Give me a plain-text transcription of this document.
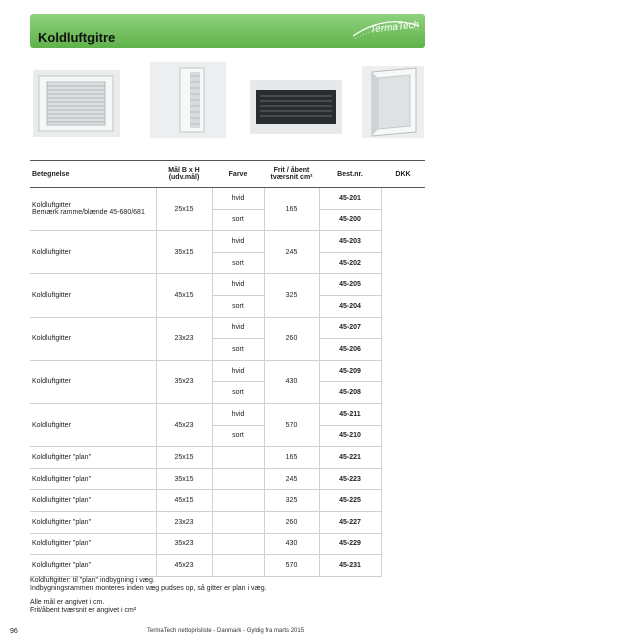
Koldluftgitre
TermaTech
Betegnelse	Mål B x H
(udv.mål)	Farve	Frit / åbent
tværsnit cm²	Best.nr.	DKK
Koldluftgitter
Bemærk ramme/blænde 45-680/681	25x15	hvid	165	45-201	
		sort		45-200	
Koldluftgitter	35x15	hvid	245	45-203	
		sort		45-202	
Koldluftgitter	45x15	hvid	325	45-205	
		sort		45-204	
Koldluftgitter	23x23	hvid	260	45-207	
		sort		45-206	
Koldluftgitter	35x23	hvid	430	45-209	
		sort		45-208	
Koldluftgitter	45x23	hvid	570	45-211	
		sort		45-210	
Koldluftgitter "plan"	25x15		165	45-221	
Koldluftgitter "plan"	35x15		245	45-223	
Koldluftgitter "plan"	45x15		325	45-225	
Koldluftgitter "plan"	23x23		260	45-227	
Koldluftgitter "plan"	35x23		430	45-229	
Koldluftgitter "plan"	45x23		570	45-231	
Koldluftgitter: til "plan" indbygning i væg.
Indbygningsrammen monteres inden væg pudses op, så gitter er plan i væg.
Alle mål er angivet i cm.
Frit/åbent tværsnit er angivet i cm²
96	TermaTech nettoprisliste - Danmark - Gyldig fra marts 2015
